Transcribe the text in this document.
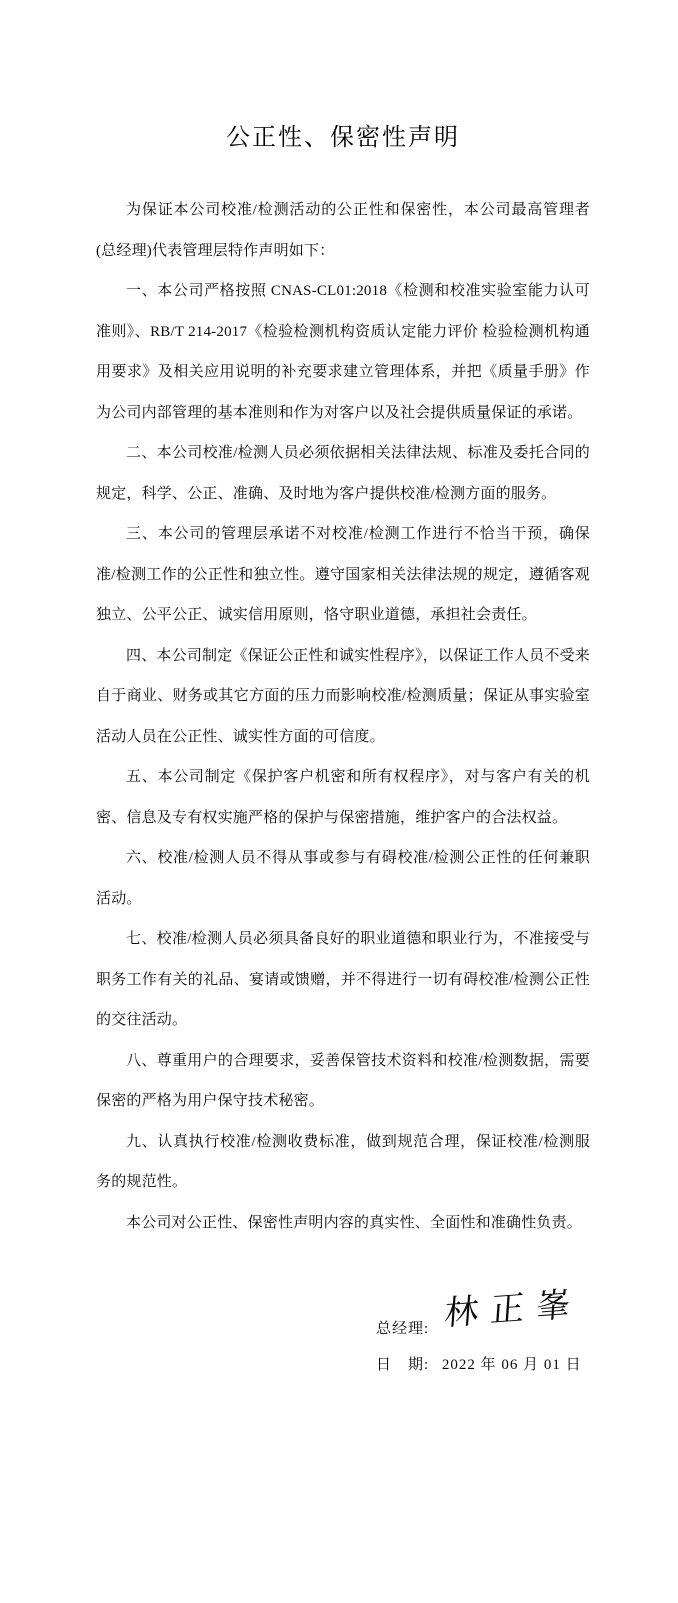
公正性、保密性声明

为保证本公司校准/检测活动的公正性和保密性，本公司最高管理者(总经理)代表管理层特作声明如下：

一、本公司严格按照 CNAS-CL01:2018《检测和校准实验室能力认可准则》、RB/T 214-2017《检验检测机构资质认定能力评价 检验检测机构通用要求》及相关应用说明的补充要求建立管理体系，并把《质量手册》作为公司内部管理的基本准则和作为对客户以及社会提供质量保证的承诺。

二、本公司校准/检测人员必须依据相关法律法规、标准及委托合同的规定，科学、公正、准确、及时地为客户提供校准/检测方面的服务。

三、本公司的管理层承诺不对校准/检测工作进行不恰当干预，确保准/检测工作的公正性和独立性。遵守国家相关法律法规的规定，遵循客观独立、公平公正、诚实信用原则，恪守职业道德，承担社会责任。

四、本公司制定《保证公正性和诚实性程序》，以保证工作人员不受来自于商业、财务或其它方面的压力而影响校准/检测质量；保证从事实验室活动人员在公正性、诚实性方面的可信度。

五、本公司制定《保护客户机密和所有权程序》，对与客户有关的机密、信息及专有权实施严格的保护与保密措施，维护客户的合法权益。

六、校准/检测人员不得从事或参与有碍校准/检测公正性的任何兼职活动。

七、校准/检测人员必须具备良好的职业道德和职业行为，不准接受与职务工作有关的礼品、宴请或馈赠，并不得进行一切有碍校准/检测公正性的交往活动。

八、尊重用户的合理要求，妥善保管技术资料和校准/检测数据，需要保密的严格为用户保守技术秘密。

九、认真执行校准/检测收费标准，做到规范合理，保证校准/检测服务的规范性。

本公司对公正性、保密性声明内容的真实性、全面性和准确性负责。

总经理: 林正峯
日　期: 2022 年 06 月 01 日
